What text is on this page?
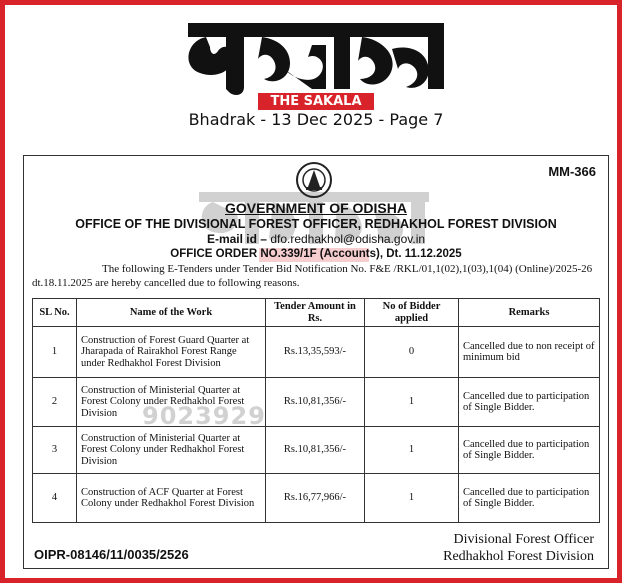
THE SAKALA
Bhadrak - 13 Dec 2025 - Page 7
MM-366
GOVERNMENT OF ODISHA
OFFICE OF THE DIVISIONAL FOREST OFFICER, REDHAKHOL FOREST DIVISION
E-mail id – dfo.redhakhol@odisha.gov.in
OFFICE ORDER NO.339/1F (Accounts), Dt. 11.12.2025
The following E-Tenders under Tender Bid Notification No. F&E /RKL/01,1(02),1(03),1(04) (Online)/2025-26 dt.18.11.2025 are hereby cancelled due to following reasons.
SL No.	Name of the Work	Tender Amount in Rs.	No of Bidder applied	Remarks
1	Construction of Forest Guard Quarter at Jharapada of Rairakhol Forest Range under Redhakhol Forest Division	Rs.13,35,593/-	0	Cancelled due to non receipt of minimum bid
2	Construction of Ministerial Quarter at Forest Colony under Redhakhol Forest Division	Rs.10,81,356/-	1	Cancelled due to participation of Single Bidder.
3	Construction of Ministerial Quarter at Forest Colony under Redhakhol Forest Division	Rs.10,81,356/-	1	Cancelled due to participation of Single Bidder.
4	Construction of ACF Quarter at Forest Colony under Redhakhol Forest Division	Rs.16,77,966/-	1	Cancelled due to participation of Single Bidder.
9023929
OIPR-08146/11/0035/2526
Divisional Forest Officer
Redhakhol Forest Division
